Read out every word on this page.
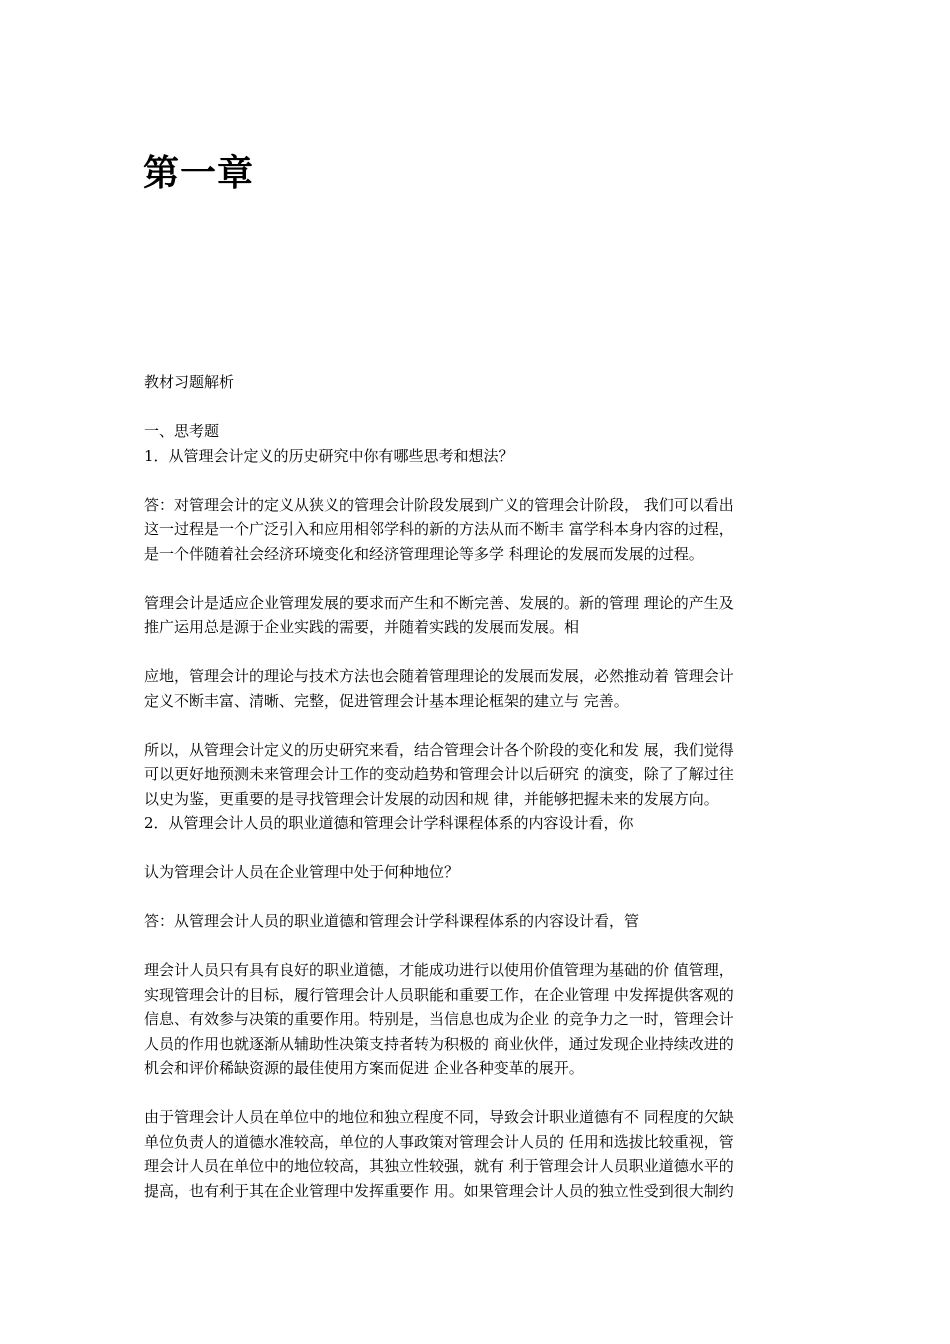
第一章

教材习题解析

一、思考题

1．从管理会计定义的历史研究中你有哪些思考和想法？

答：对管理会计的定义从狭义的管理会计阶段发展到广义的管理会计阶段， 我们可以看出

这一过程是一个广泛引入和应用相邻学科的新的方法从而不断丰 富学科本身内容的过程，

是一个伴随着社会经济环境变化和经济管理理论等多学 科理论的发展而发展的过程。

管理会计是适应企业管理发展的要求而产生和不断完善、发展的。新的管理 理论的产生及

推广运用总是源于企业实践的需要，并随着实践的发展而发展。相

应地，管理会计的理论与技术方法也会随着管理理论的发展而发展，必然推动着 管理会计

定义不断丰富、清晰、完整，促进管理会计基本理论框架的建立与 完善。

所以，从管理会计定义的历史研究来看，结合管理会计各个阶段的变化和发 展，我们觉得

可以更好地预测未来管理会计工作的变动趋势和管理会计以后研究 的演变，除了了解过往

以史为鉴，更重要的是寻找管理会计发展的动因和规 律，并能够把握未来的发展方向。

2．从管理会计人员的职业道德和管理会计学科课程体系的内容设计看，你

认为管理会计人员在企业管理中处于何种地位？

答：从管理会计人员的职业道德和管理会计学科课程体系的内容设计看，管

理会计人员只有具有良好的职业道德，才能成功进行以使用价值管理为基础的价 值管理，

实现管理会计的目标，履行管理会计人员职能和重要工作，在企业管理 中发挥提供客观的

信息、有效参与决策的重要作用。特别是，当信息也成为企业 的竞争力之一时，管理会计

人员的作用也就逐渐从辅助性决策支持者转为积极的 商业伙伴，通过发现企业持续改进的

机会和评价稀缺资源的最佳使用方案而促进 企业各种变革的展开。

由于管理会计人员在单位中的地位和独立程度不同，导致会计职业道德有不 同程度的欠缺

单位负责人的道德水准较高，单位的人事政策对管理会计人员的 任用和选拔比较重视，管

理会计人员在单位中的地位较高，其独立性较强，就有 利于管理会计人员职业道德水平的

提高，也有利于其在企业管理中发挥重要作 用。如果管理会计人员的独立性受到很大制约
